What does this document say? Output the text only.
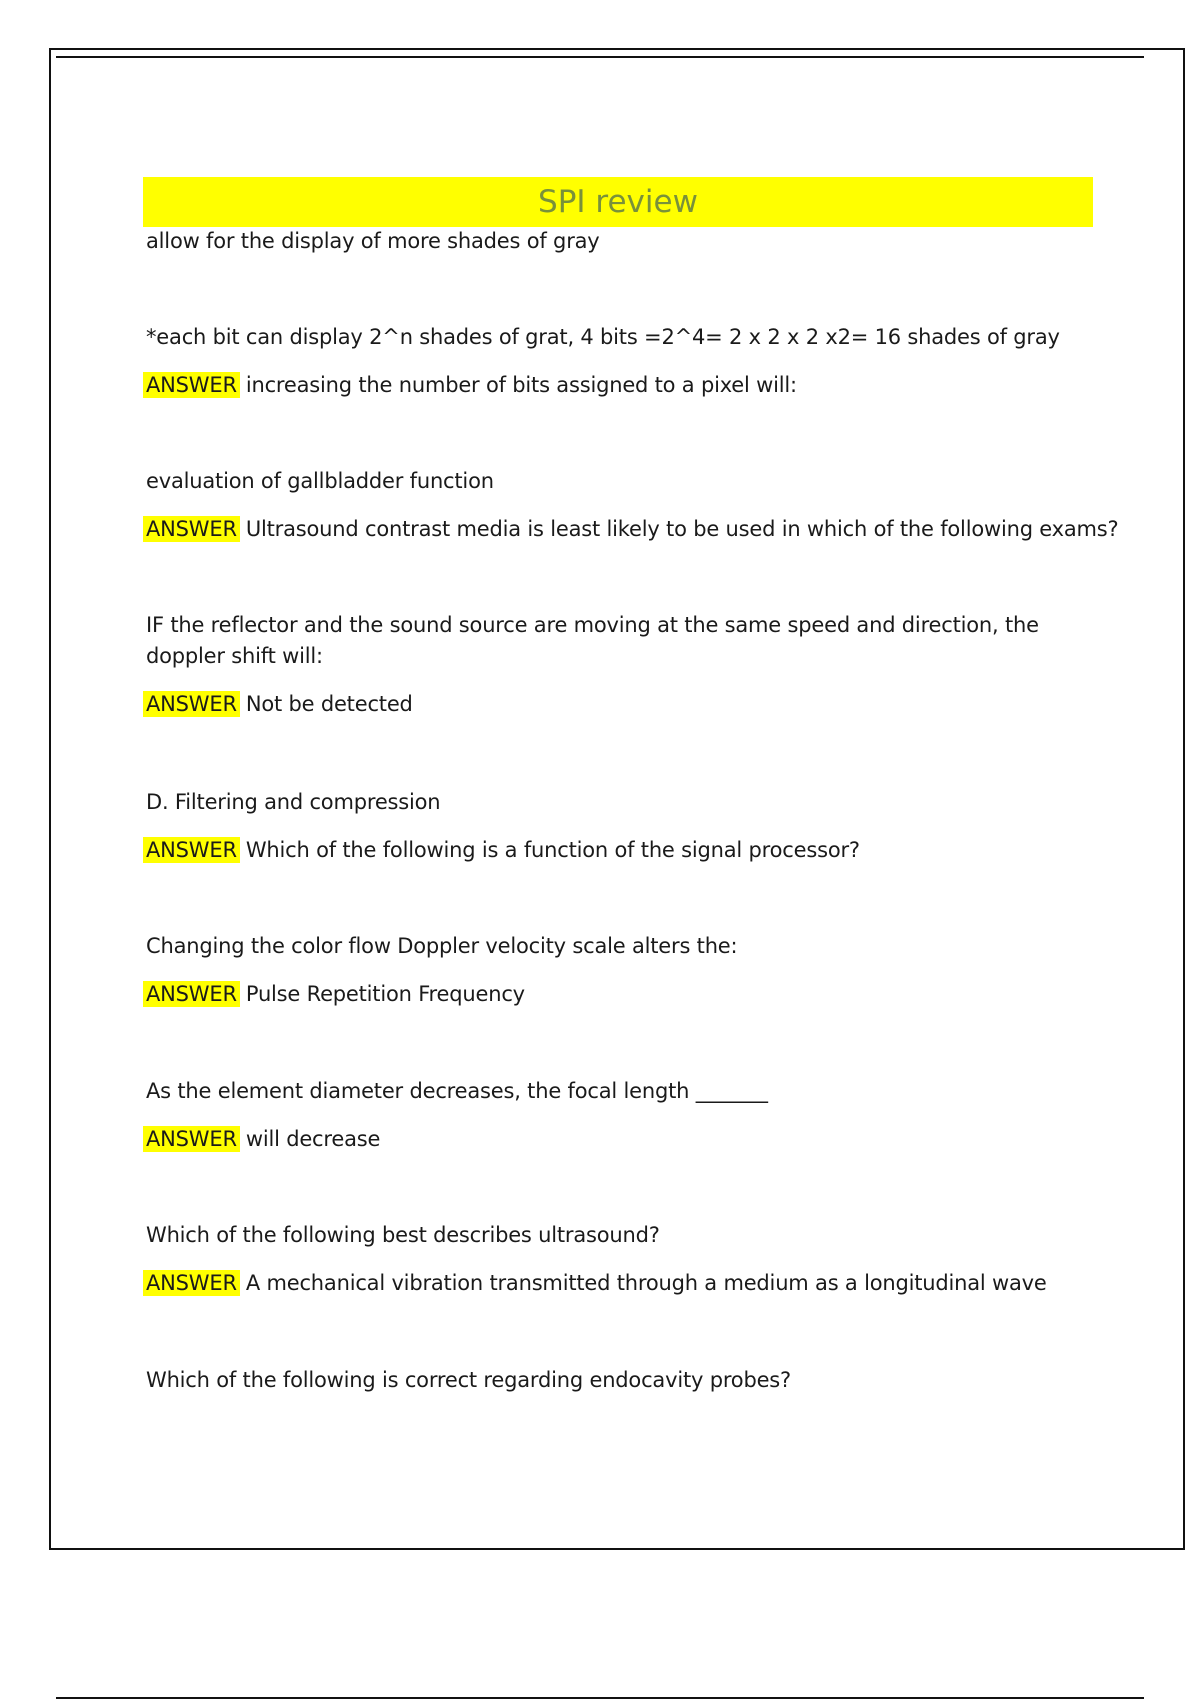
SPI review
allow for the display of more shades of gray
*each bit can display 2^n shades of grat, 4 bits =2^4= 2 x 2 x 2 x2= 16 shades of gray
ANSWER increasing the number of bits assigned to a pixel will:
evaluation of gallbladder function
ANSWER Ultrasound contrast media is least likely to be used in which of the following exams?
IF the reflector and the sound source are moving at the same speed and direction, the doppler shift will:
ANSWER Not be detected
D. Filtering and compression
ANSWER Which of the following is a function of the signal processor?
Changing the color flow Doppler velocity scale alters the:
ANSWER Pulse Repetition Frequency
As the element diameter decreases, the focal length _______
ANSWER will decrease
Which of the following best describes ultrasound?
ANSWER A mechanical vibration transmitted through a medium as a longitudinal wave
Which of the following is correct regarding endocavity probes?
